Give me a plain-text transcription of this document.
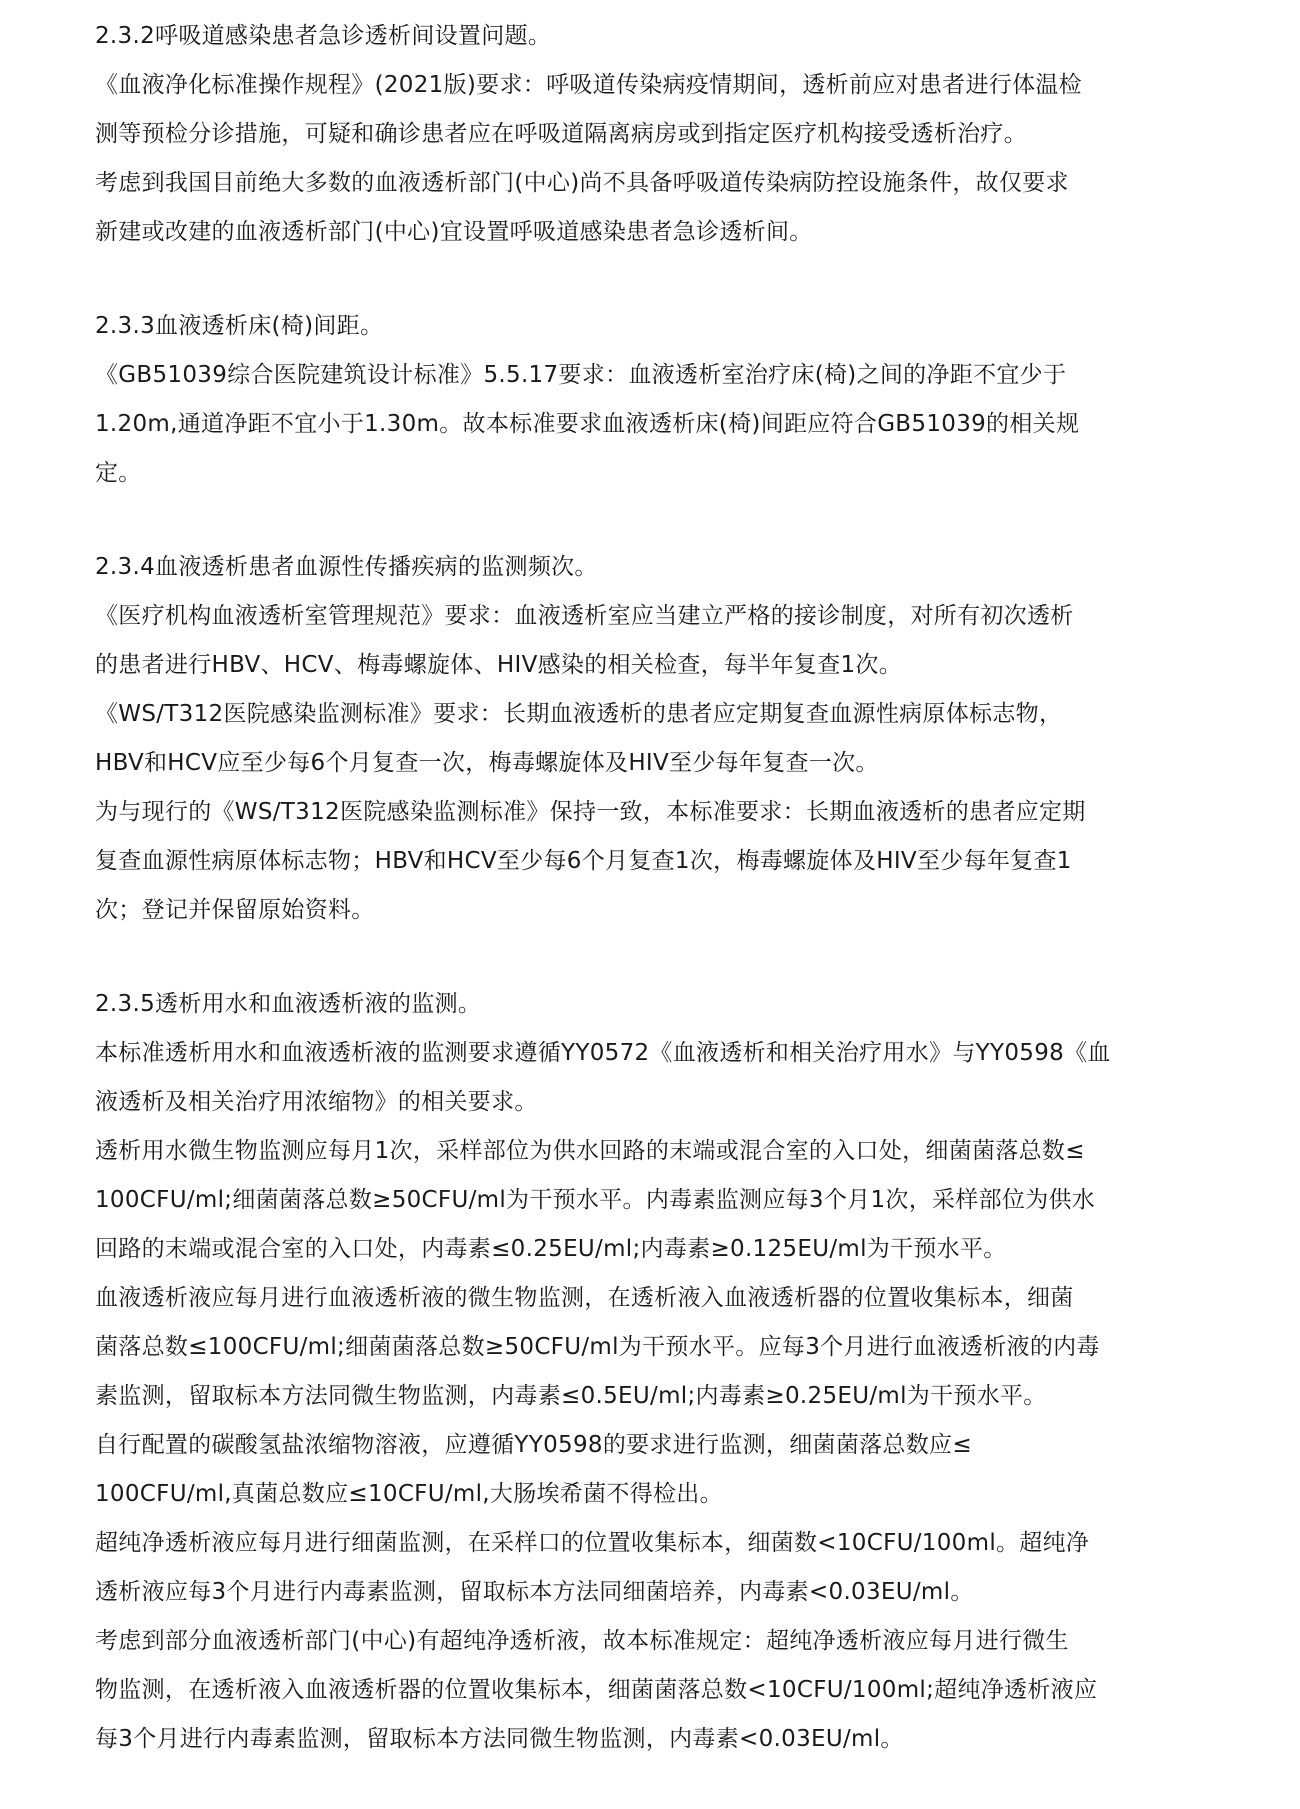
2.3.2呼吸道感染患者急诊透析间设置问题。
《血液净化标准操作规程》(2021版)要求：呼吸道传染病疫情期间，透析前应对患者进行体温检
测等预检分诊措施，可疑和确诊患者应在呼吸道隔离病房或到指定医疗机构接受透析治疗。
考虑到我国目前绝大多数的血液透析部门(中心)尚不具备呼吸道传染病防控设施条件，故仅要求
新建或改建的血液透析部门(中心)宜设置呼吸道感染患者急诊透析间。
2.3.3血液透析床(椅)间距。
《GB51039综合医院建筑设计标准》5.5.17要求：血液透析室治疗床(椅)之间的净距不宜少于
1.20m,通道净距不宜小于1.30m。故本标准要求血液透析床(椅)间距应符合GB51039的相关规
定。
2.3.4血液透析患者血源性传播疾病的监测频次。
《医疗机构血液透析室管理规范》要求：血液透析室应当建立严格的接诊制度，对所有初次透析
的患者进行HBV、HCV、梅毒螺旋体、HIV感染的相关检查，每半年复查1次。
《WS/T312医院感染监测标准》要求：长期血液透析的患者应定期复查血源性病原体标志物，
HBV和HCV应至少每6个月复查一次，梅毒螺旋体及HIV至少每年复查一次。
为与现行的《WS/T312医院感染监测标准》保持一致，本标准要求：长期血液透析的患者应定期
复查血源性病原体标志物；HBV和HCV至少每6个月复查1次，梅毒螺旋体及HIV至少每年复查1
次；登记并保留原始资料。
2.3.5透析用水和血液透析液的监测。
本标准透析用水和血液透析液的监测要求遵循YY0572《血液透析和相关治疗用水》与YY0598《血
液透析及相关治疗用浓缩物》的相关要求。
透析用水微生物监测应每月1次，采样部位为供水回路的末端或混合室的入口处，细菌菌落总数≤
100CFU/ml;细菌菌落总数≥50CFU/ml为干预水平。内毒素监测应每3个月1次，采样部位为供水
回路的末端或混合室的入口处，内毒素≤0.25EU/ml;内毒素≥0.125EU/ml为干预水平。
血液透析液应每月进行血液透析液的微生物监测，在透析液入血液透析器的位置收集标本，细菌
菌落总数≤100CFU/ml;细菌菌落总数≥50CFU/ml为干预水平。应每3个月进行血液透析液的内毒
素监测，留取标本方法同微生物监测，内毒素≤0.5EU/ml;内毒素≥0.25EU/ml为干预水平。
自行配置的碳酸氢盐浓缩物溶液，应遵循YY0598的要求进行监测，细菌菌落总数应≤
100CFU/ml,真菌总数应≤10CFU/ml,大肠埃希菌不得检出。
超纯净透析液应每月进行细菌监测，在采样口的位置收集标本，细菌数<10CFU/100ml。超纯净
透析液应每3个月进行内毒素监测，留取标本方法同细菌培养，内毒素<0.03EU/ml。
考虑到部分血液透析部门(中心)有超纯净透析液，故本标准规定：超纯净透析液应每月进行微生
物监测，在透析液入血液透析器的位置收集标本，细菌菌落总数<10CFU/100ml;超纯净透析液应
每3个月进行内毒素监测，留取标本方法同微生物监测，内毒素<0.03EU/ml。
